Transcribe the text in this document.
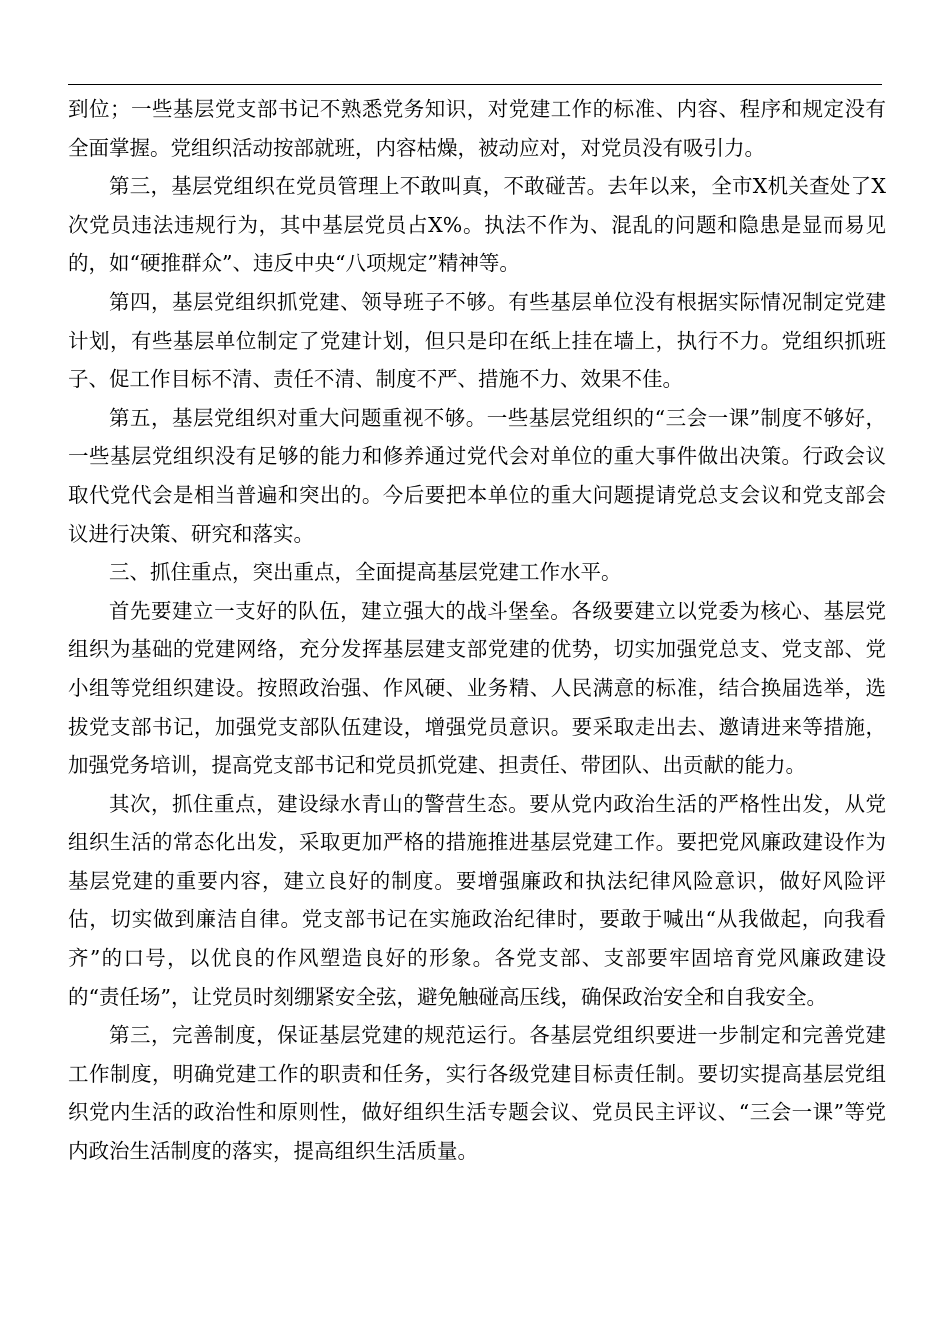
到位；一些基层党支部书记不熟悉党务知识，对党建工作的标准、内容、程序和规定没有全面掌握。党组织活动按部就班，内容枯燥，被动应对，对党员没有吸引力。

第三，基层党组织在党员管理上不敢叫真，不敢碰苦。去年以来，全市X机关查处了X次党员违法违规行为，其中基层党员占X%。执法不作为、混乱的问题和隐患是显而易见的，如“硬推群众”、违反中央“八项规定”精神等。

第四，基层党组织抓党建、领导班子不够。有些基层单位没有根据实际情况制定党建计划，有些基层单位制定了党建计划，但只是印在纸上挂在墙上，执行不力。党组织抓班子、促工作目标不清、责任不清、制度不严、措施不力、效果不佳。

第五，基层党组织对重大问题重视不够。一些基层党组织的“三会一课”制度不够好，一些基层党组织没有足够的能力和修养通过党代会对单位的重大事件做出决策。行政会议取代党代会是相当普遍和突出的。今后要把本单位的重大问题提请党总支会议和党支部会议进行决策、研究和落实。

三、抓住重点，突出重点，全面提高基层党建工作水平。

首先要建立一支好的队伍，建立强大的战斗堡垒。各级要建立以党委为核心、基层党组织为基础的党建网络，充分发挥基层建支部党建的优势，切实加强党总支、党支部、党小组等党组织建设。按照政治强、作风硬、业务精、人民满意的标准，结合换届选举，选拔党支部书记，加强党支部队伍建设，增强党员意识。要采取走出去、邀请进来等措施，加强党务培训，提高党支部书记和党员抓党建、担责任、带团队、出贡献的能力。

其次，抓住重点，建设绿水青山的警营生态。要从党内政治生活的严格性出发，从党组织生活的常态化出发，采取更加严格的措施推进基层党建工作。要把党风廉政建设作为基层党建的重要内容，建立良好的制度。要增强廉政和执法纪律风险意识，做好风险评估，切实做到廉洁自律。党支部书记在实施政治纪律时，要敢于喊出“从我做起，向我看齐”的口号，以优良的作风塑造良好的形象。各党支部、支部要牢固培育党风廉政建设的“责任场”，让党员时刻绷紧安全弦，避免触碰高压线，确保政治安全和自我安全。

第三，完善制度，保证基层党建的规范运行。各基层党组织要进一步制定和完善党建工作制度，明确党建工作的职责和任务，实行各级党建目标责任制。要切实提高基层党组织党内生活的政治性和原则性，做好组织生活专题会议、党员民主评议、“三会一课”等党内政治生活制度的落实，提高组织生活质量。
